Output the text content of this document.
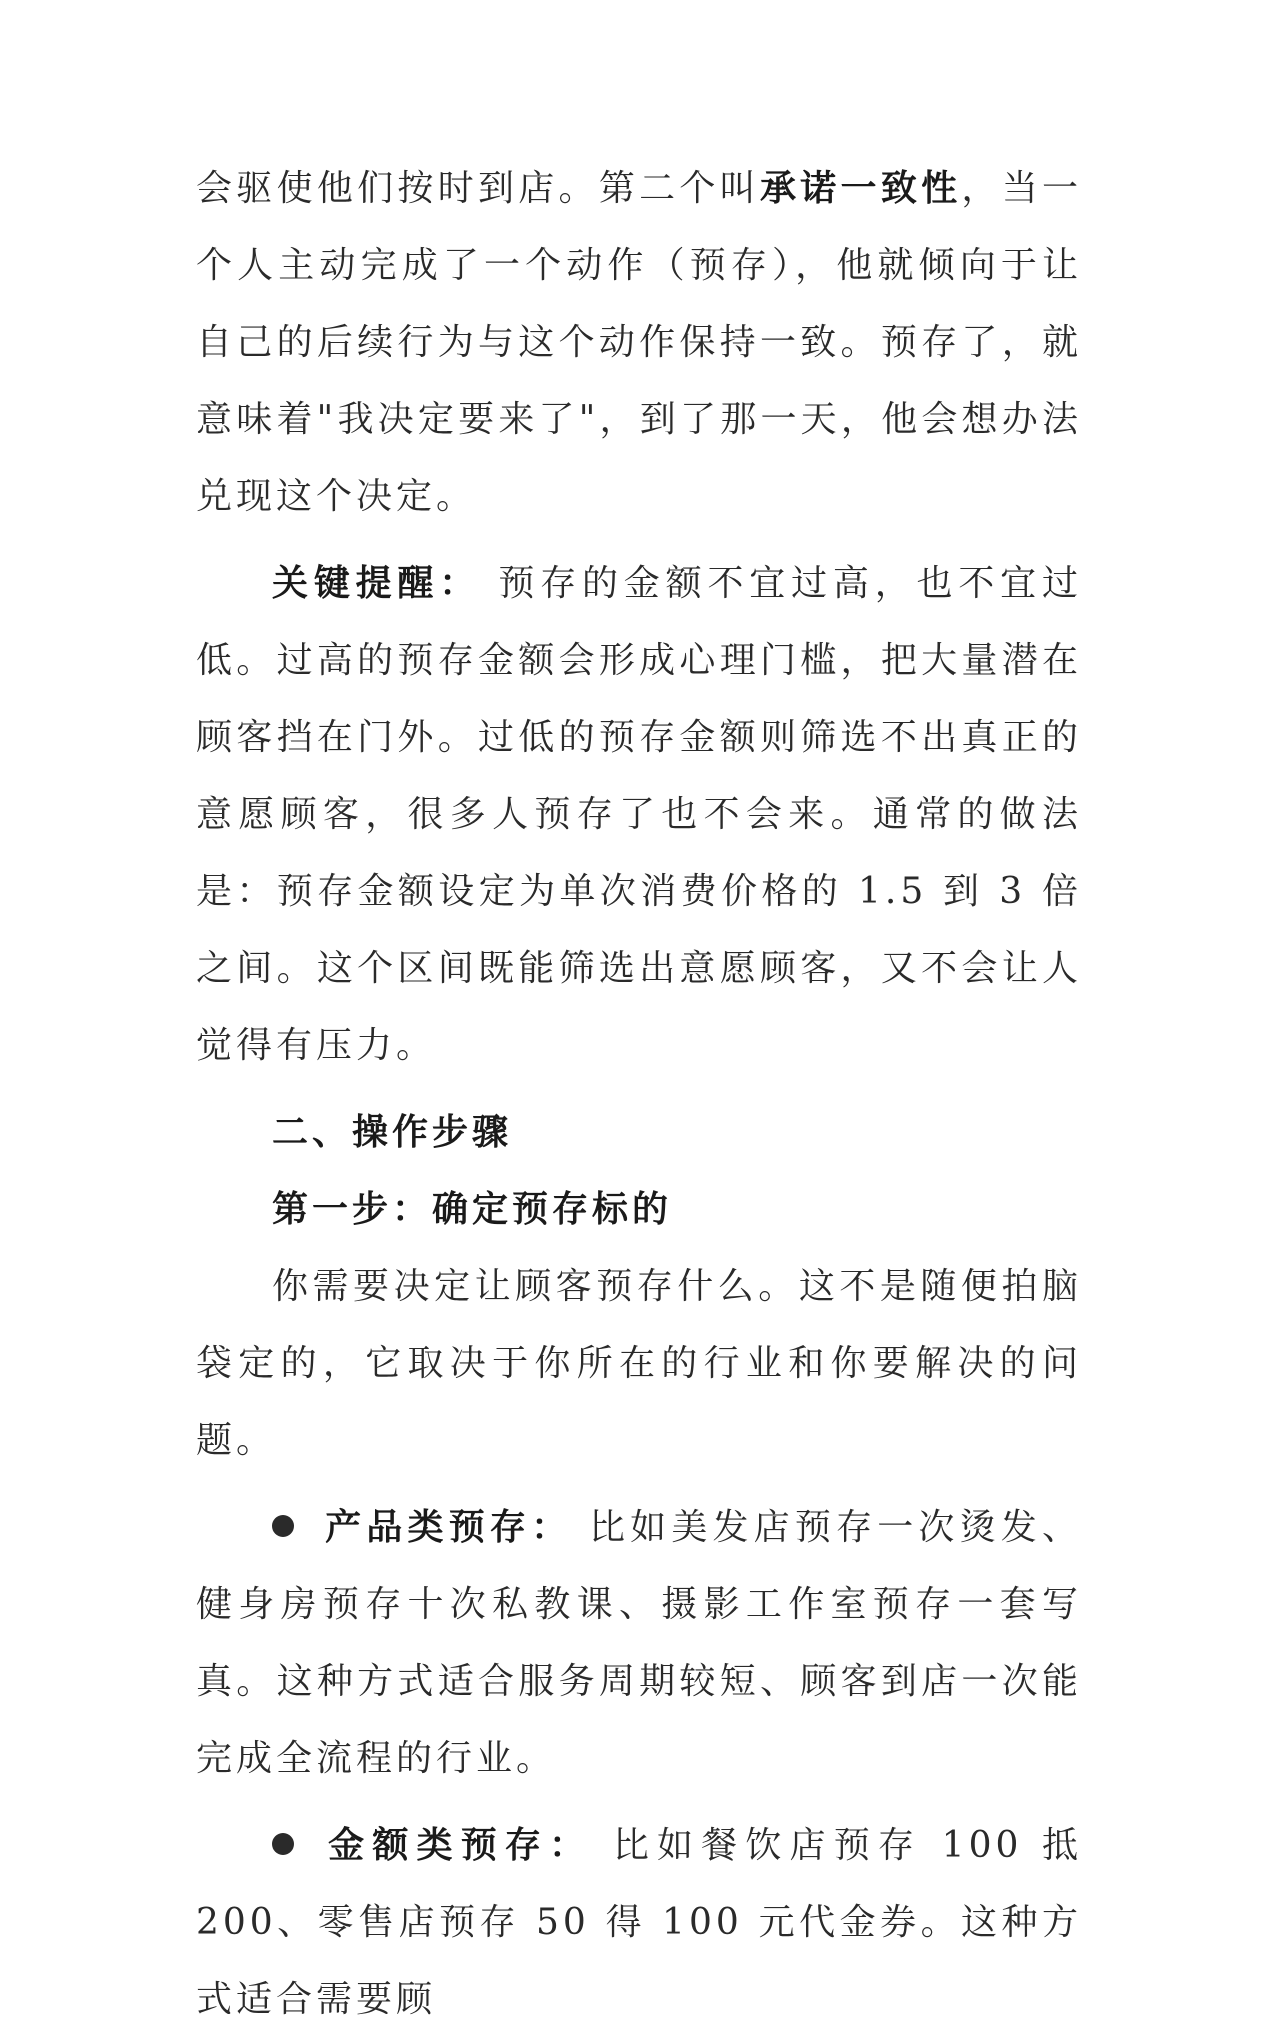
会驱使他们按时到店。第二个叫承诺一致性，当一个人主动完成了一个动作（预存），他就倾向于让自己的后续行为与这个动作保持一致。预存了，就意味着"我决定要来了"，到了那一天，他会想办法兑现这个决定。

关键提醒： 预存的金额不宜过高，也不宜过低。过高的预存金额会形成心理门槛，把大量潜在顾客挡在门外。过低的预存金额则筛选不出真正的意愿顾客，很多人预存了也不会来。通常的做法是：预存金额设定为单次消费价格的 1.5 到 3 倍之间。这个区间既能筛选出意愿顾客，又不会让人觉得有压力。

二、操作步骤

第一步：确定预存标的

你需要决定让顾客预存什么。这不是随便拍脑袋定的，它取决于你所在的行业和你要解决的问题。

产品类预存： 比如美发店预存一次烫发、健身房预存十次私教课、摄影工作室预存一套写真。这种方式适合服务周期较短、顾客到店一次能完成全流程的行业。

金额类预存： 比如餐饮店预存 100 抵 200、零售店预存 50 得 100 元代金券。这种方式适合需要顾
